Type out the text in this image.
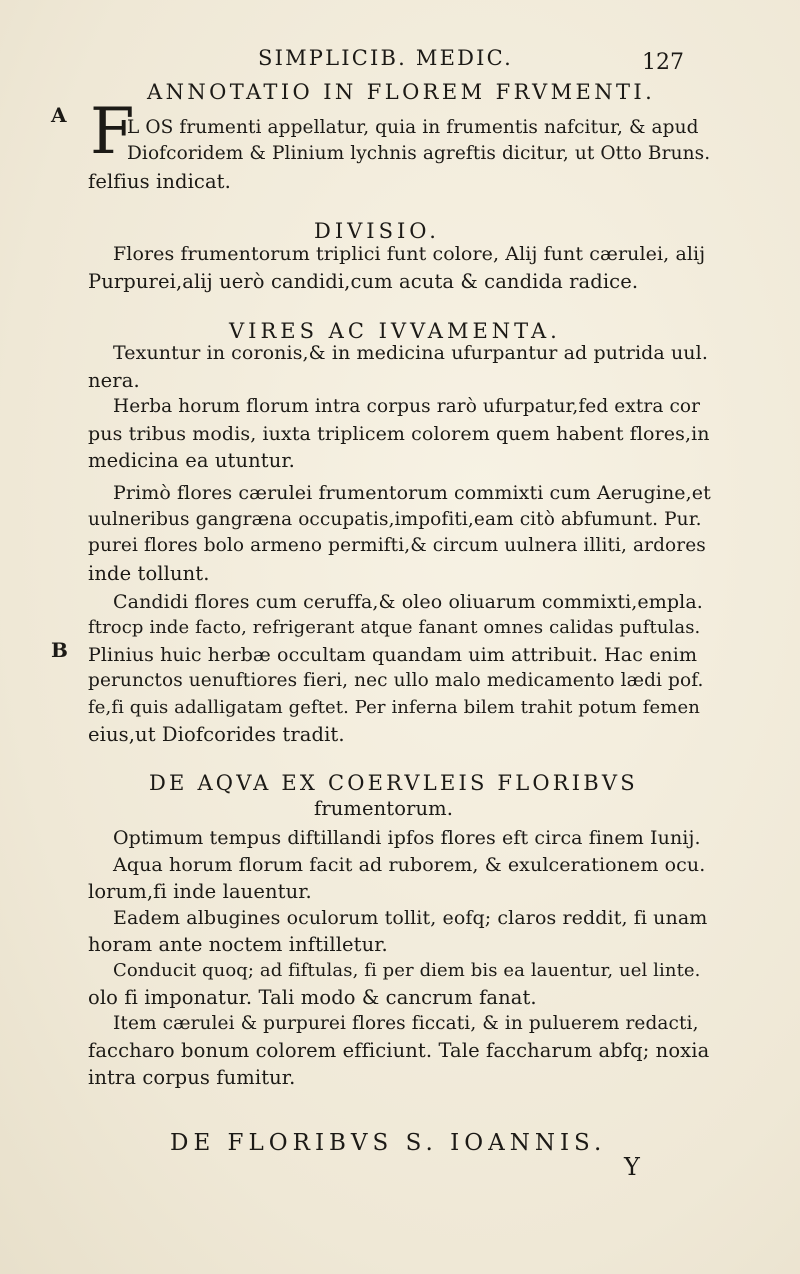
SIMPLICIB. MEDIC.	127
A
B
ANNOTATIO IN FLOREM FRVMENTI.
F
L OS frumenti appellatur, quia in frumentis nafcitur, & apud
Diofcoridem & Plinium lychnis agreftis dicitur, ut Otto Bruns.
felfius indicat.
DIVISIO.
Flores frumentorum triplici funt colore, Alij funt cærulei, alij
Purpurei,alij uerò candidi,cum acuta & candida radice.
VIRES AC IVVAMENTA.
Texuntur in coronis,& in medicina ufurpantur ad putrida uul.
nera.
Herba horum florum intra corpus rarò ufurpatur,fed extra cor
pus tribus modis, iuxta triplicem colorem quem habent flores,in
medicina ea utuntur.
Primò flores cærulei frumentorum commixti cum Aerugine,et
uulneribus gangræna occupatis,impofiti,eam citò abfumunt. Pur.
purei flores bolo armeno permifti,& circum uulnera illiti, ardores
inde tollunt.
Candidi flores cum ceruffa,& oleo oliuarum commixti,empla.
ftrocp inde facto, refrigerant atque fanant omnes calidas puftulas.
Plinius huic herbæ occultam quandam uim attribuit. Hac enim
perunctos uenuftiores fieri, nec ullo malo medicamento lædi pof.
fe,fi quis adalligatam geftet. Per inferna bilem trahit potum femen
eius,ut Diofcorides tradit.
DE AQVA EX COERVLEIS FLORIBVS
frumentorum.
Optimum tempus diftillandi ipfos flores eft circa finem Iunij.
Aqua horum florum facit ad ruborem, & exulcerationem ocu.
lorum,fi inde lauentur.
Eadem albugines oculorum tollit, eofq; claros reddit, fi unam
horam ante noctem inftilletur.
Conducit quoq; ad fiftulas, fi per diem bis ea lauentur, uel linte.
olo fi imponatur. Tali modo & cancrum fanat.
Item cærulei & purpurei flores ficcati, & in puluerem redacti,
faccharo bonum colorem efficiunt. Tale faccharum abfq; noxia
intra corpus fumitur.
DE FLORIBVS S. IOANNIS.
Y
